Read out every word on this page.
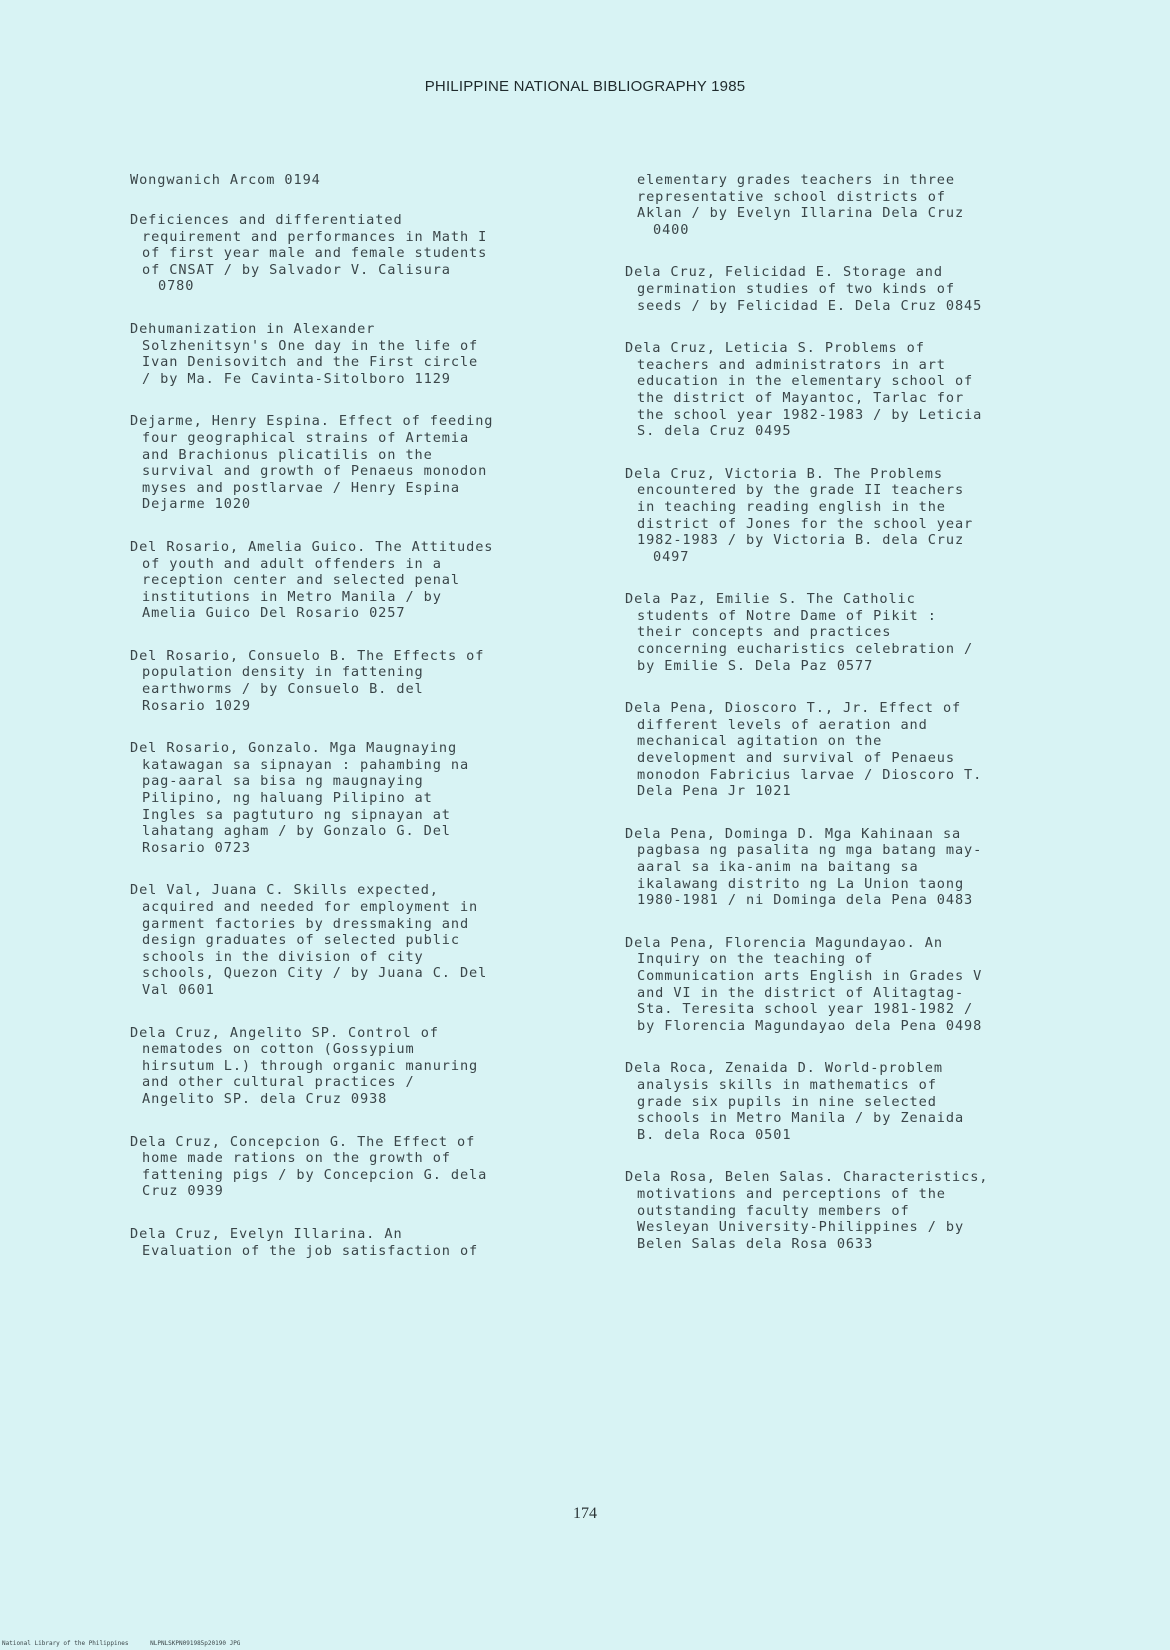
PHILIPPINE NATIONAL BIBLIOGRAPHY 1985
Wongwanich Arcom 0194
Deficiences and differentiated
requirement and performances in Math I
of first year male and female students
of CNSAT / by Salvador V. Calisura
0780
Dehumanization in Alexander
Solzhenitsyn's One day in the life of
Ivan Denisovitch and the First circle
/ by Ma. Fe Cavinta-Sitolboro 1129
Dejarme, Henry Espina. Effect of feeding
four geographical strains of Artemia
and Brachionus plicatilis on the
survival and growth of Penaeus monodon
myses and postlarvae / Henry Espina
Dejarme 1020
Del Rosario, Amelia Guico. The Attitudes
of youth and adult offenders in a
reception center and selected penal
institutions in Metro Manila / by
Amelia Guico Del Rosario 0257
Del Rosario, Consuelo B. The Effects of
population density in fattening
earthworms / by Consuelo B. del
Rosario 1029
Del Rosario, Gonzalo. Mga Maugnaying
katawagan sa sipnayan : pahambing na
pag-aaral sa bisa ng maugnaying
Pilipino, ng haluang Pilipino at
Ingles sa pagtuturo ng sipnayan at
lahatang agham / by Gonzalo G. Del
Rosario 0723
Del Val, Juana C. Skills expected,
acquired and needed for employment in
garment factories by dressmaking and
design graduates of selected public
schools in the division of city
schools, Quezon City / by Juana C. Del
Val 0601
Dela Cruz, Angelito SP. Control of
nematodes on cotton (Gossypium
hirsutum L.) through organic manuring
and other cultural practices /
Angelito SP. dela Cruz 0938
Dela Cruz, Concepcion G. The Effect of
home made rations on the growth of
fattening pigs / by Concepcion G. dela
Cruz 0939
Dela Cruz, Evelyn Illarina. An
Evaluation of the job satisfaction of
elementary grades teachers in three
representative school districts of
Aklan / by Evelyn Illarina Dela Cruz
0400
Dela Cruz, Felicidad E. Storage and
germination studies of two kinds of
seeds / by Felicidad E. Dela Cruz 0845
Dela Cruz, Leticia S. Problems of
teachers and administrators in art
education in the elementary school of
the district of Mayantoc, Tarlac for
the school year 1982-1983 / by Leticia
S. dela Cruz 0495
Dela Cruz, Victoria B. The Problems
encountered by the grade II teachers
in teaching reading english in the
district of Jones for the school year
1982-1983 / by Victoria B. dela Cruz
0497
Dela Paz, Emilie S. The Catholic
students of Notre Dame of Pikit :
their concepts and practices
concerning eucharistics celebration /
by Emilie S. Dela Paz 0577
Dela Pena, Dioscoro T., Jr. Effect of
different levels of aeration and
mechanical agitation on the
development and survival of Penaeus
monodon Fabricius larvae / Dioscoro T.
Dela Pena Jr 1021
Dela Pena, Dominga D. Mga Kahinaan sa
pagbasa ng pasalita ng mga batang may-
aaral sa ika-anim na baitang sa
ikalawang distrito ng La Union taong
1980-1981 / ni Dominga dela Pena 0483
Dela Pena, Florencia Magundayao. An
Inquiry on the teaching of
Communication arts English in Grades V
and VI in the district of Alitagtag-
Sta. Teresita school year 1981-1982 /
by Florencia Magundayao dela Pena 0498
Dela Roca, Zenaida D. World-problem
analysis skills in mathematics of
grade six pupils in nine selected
schools in Metro Manila / by Zenaida
B. dela Roca 0501
Dela Rosa, Belen Salas. Characteristics,
motivations and perceptions of the
outstanding faculty members of
Wesleyan University-Philippines / by
Belen Salas dela Rosa 0633
174
National Library of the Philippines      NLPNLSKPN091985p20190 JPG
